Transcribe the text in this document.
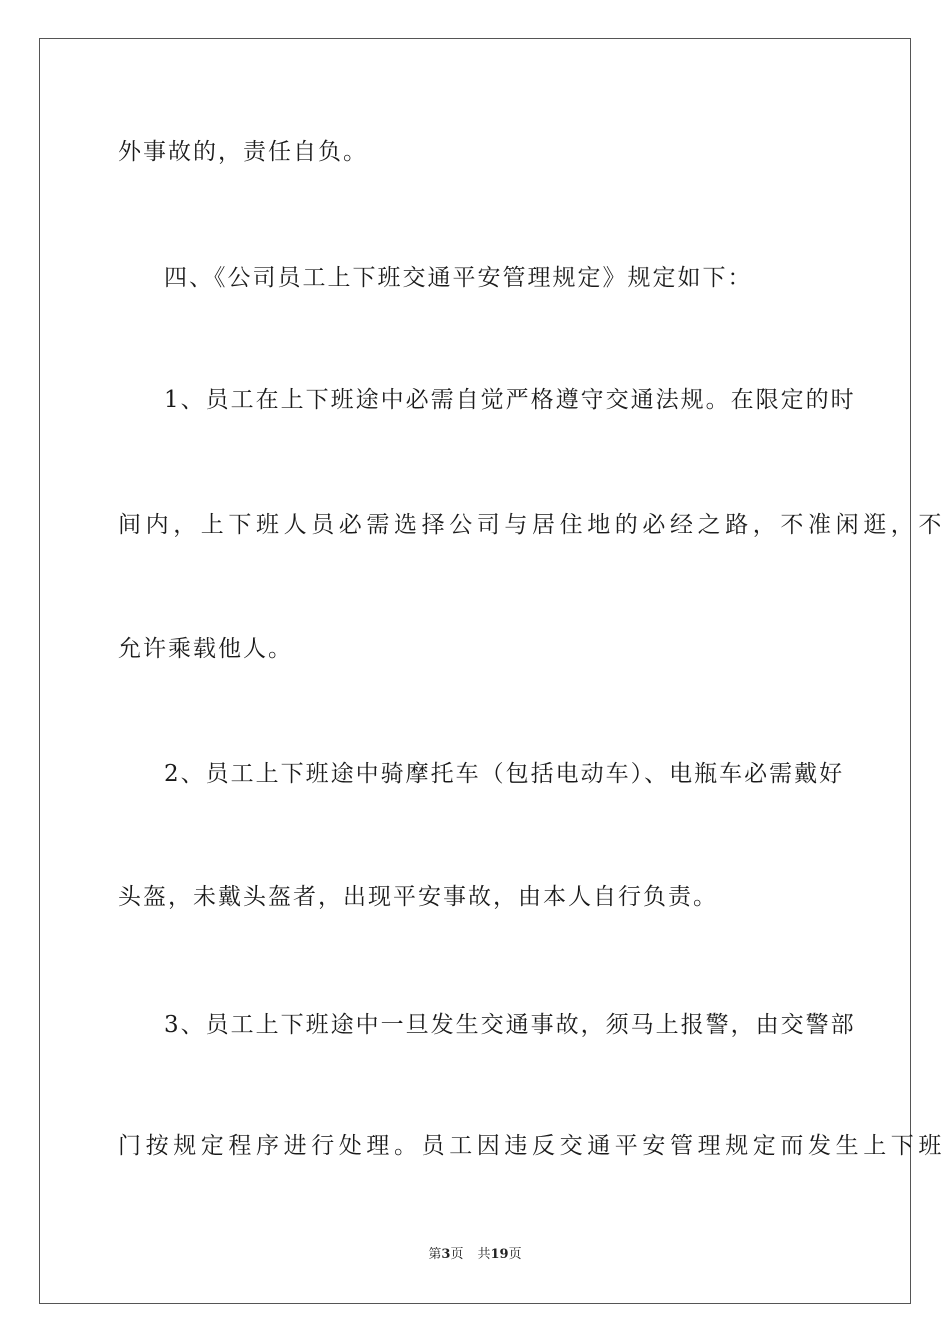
外事故的，责任自负。
四、《公司员工上下班交通平安管理规定》规定如下：
1、员工在上下班途中必需自觉严格遵守交通法规。在限定的时
间内，上下班人员必需选择公司与居住地的必经之路，不准闲逛，不
允许乘载他人。
2、员工上下班途中骑摩托车（包括电动车）、电瓶车必需戴好
头盔，未戴头盔者，出现平安事故，由本人自行负责。
3、员工上下班途中一旦发生交通事故，须马上报警，由交警部
门按规定程序进行处理。员工因违反交通平安管理规定而发生上下班
第3页 共19页
